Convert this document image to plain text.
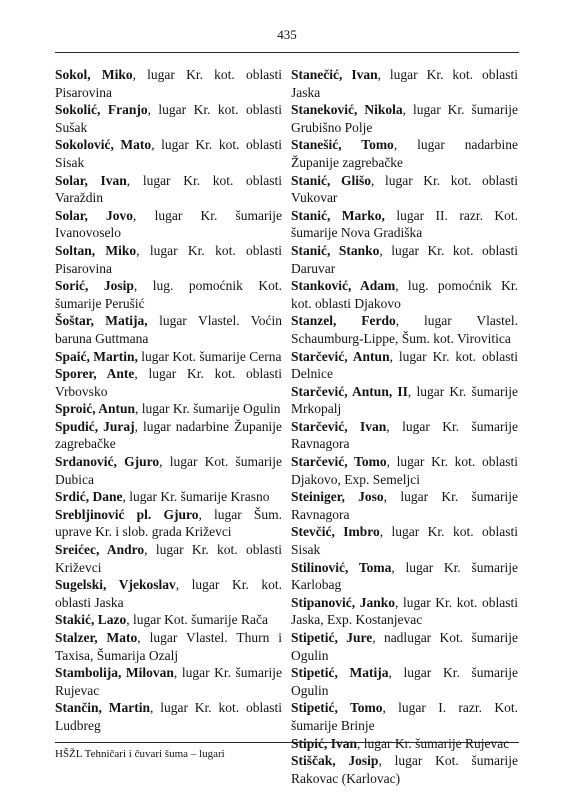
435

Sokol, Miko, lugar Kr. kot. oblasti Pisarovina

Sokolić, Franjo, lugar Kr. kot. oblasti Sušak

Sokolović, Mato, lugar Kr. kot. oblasti Sisak

Solar, Ivan, lugar Kr. kot. oblasti Varaždin

Solar, Jovo, lugar Kr. šumarije Ivanovoselo

Soltan, Miko, lugar Kr. kot. oblasti Pisarovina

Sorić, Josip, lug. pomoćnik Kot. šumarije Perušić

Šoštar, Matija, lugar Vlastel. Voćin baruna Guttmana

Spaić, Martin, lugar Kot. šumarije Cerna

Sporer, Ante, lugar Kr. kot. oblasti Vrbovsko

Sproić, Antun, lugar Kr. šumarije Ogulin

Spudić, Juraj, lugar nadarbine Županije zagrebačke

Srdanović, Gjuro, lugar Kot. šumarije Dubica

Srdić, Dane, lugar Kr. šumarije Krasno

Srebljinović pl. Gjuro, lugar Šum. uprave Kr. i slob. grada Križevci

Sreićec, Andro, lugar Kr. kot. oblasti Križevci

Sugelski, Vjekoslav, lugar Kr. kot. oblasti Jaska

Stakić, Lazo, lugar Kot. šumarije Rača

Stalzer, Mato, lugar Vlastel. Thurn i Taxisa, Šumarija Ozalj

Stambolija, Milovan, lugar Kr. šumarije Rujevac

Stančin, Martin, lugar Kr. kot. oblasti Ludbreg

Stanečić, Ivan, lugar Kr. kot. oblasti Jaska

Staneković, Nikola, lugar Kr. šumarije Grubišno Polje

Stanešić, Tomo, lugar nadarbine Županije zagrebačke

Stanić, Glišo, lugar Kr. kot. oblasti Vukovar

Stanić, Marko, lugar II. razr. Kot. šumarije Nova Gradiška

Stanić, Stanko, lugar Kr. kot. oblasti Daruvar

Stanković, Adam, lug. pomoćnik Kr. kot. oblasti Djakovo

Stanzel, Ferdo, lugar Vlastel. Schaumburg-Lippe, Šum. kot. Virovitica

Starčević, Antun, lugar Kr. kot. oblasti Delnice

Starčević, Antun, II, lugar Kr. šumarije Mrkopalj

Starčević, Ivan, lugar Kr. šumarije Ravnagora

Starčević, Tomo, lugar Kr. kot. oblasti Djakovo, Exp. Semeljci

Steiniger, Joso, lugar Kr. šumarije Ravnagora

Stevčić, Imbro, lugar Kr. kot. oblasti Sisak

Stilinović, Toma, lugar Kr. šumarije Karlobag

Stipanović, Janko, lugar Kr. kot. oblasti Jaska, Exp. Kostanjevac

Stipetić, Jure, nadlugar Kot. šumarije Ogulin

Stipetić, Matija, lugar Kr. šumarije Ogulin

Stipetić, Tomo, lugar I. razr. Kot. šumarije Brinje

Stipić, Ivan, lugar Kr. šumarije Rujevac

Stiščak, Josip, lugar Kot. šumarije Rakovac (Karlovac)

HŠŽL Tehničari i čuvari šuma – lugari
